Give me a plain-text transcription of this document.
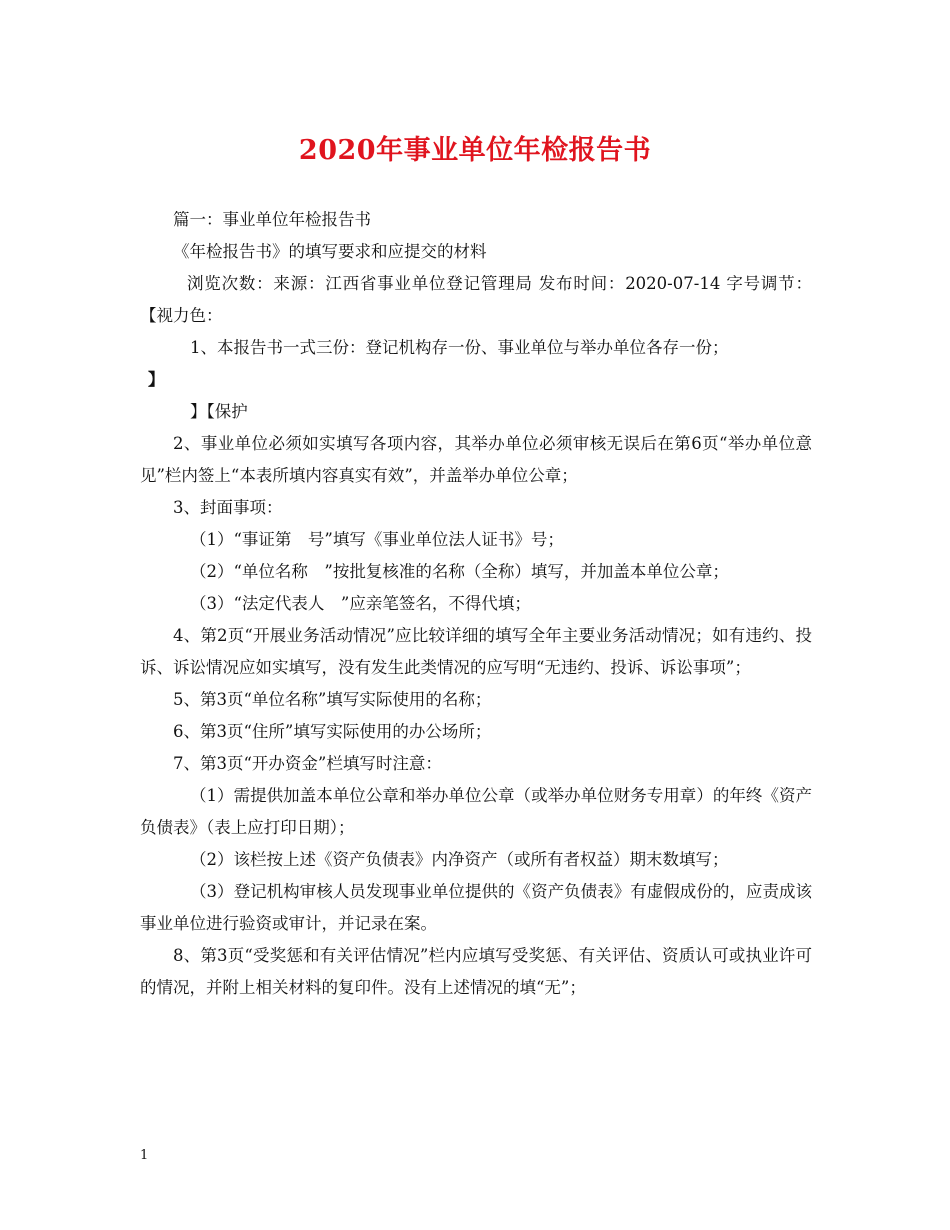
2020年事业单位年检报告书

篇一：事业单位年检报告书

《年检报告书》的填写要求和应提交的材料

浏览次数：来源：江西省事业单位登记管理局 发布时间：2020-07-14 字号调节：【视力色：

1、本报告书一式三份：登记机构存一份、事业单位与举办单位各存一份；

】

】【保护

2、事业单位必须如实填写各项内容，其举办单位必须审核无误后在第6页“举办单位意见”栏内签上“本表所填内容真实有效”，并盖举办单位公章；

3、封面事项：

（1）“事证第　号”填写《事业单位法人证书》号；

（2）“单位名称　”按批复核准的名称（全称）填写，并加盖本单位公章；

（3）“法定代表人　”应亲笔签名，不得代填；

4、第2页“开展业务活动情况”应比较详细的填写全年主要业务活动情况；如有违约、投诉、诉讼情况应如实填写，没有发生此类情况的应写明“无违约、投诉、诉讼事项”；

5、第3页“单位名称”填写实际使用的名称；

6、第3页“住所”填写实际使用的办公场所；

7、第3页“开办资金”栏填写时注意：

（1）需提供加盖本单位公章和举办单位公章（或举办单位财务专用章）的年终《资产负债表》（表上应打印日期）；

（2）该栏按上述《资产负债表》内净资产（或所有者权益）期末数填写；

（3）登记机构审核人员发现事业单位提供的《资产负债表》有虚假成份的，应责成该事业单位进行验资或审计，并记录在案。

8、第3页“受奖惩和有关评估情况”栏内应填写受奖惩、有关评估、资质认可或执业许可的情况，并附上相关材料的复印件。没有上述情况的填“无”；

1
